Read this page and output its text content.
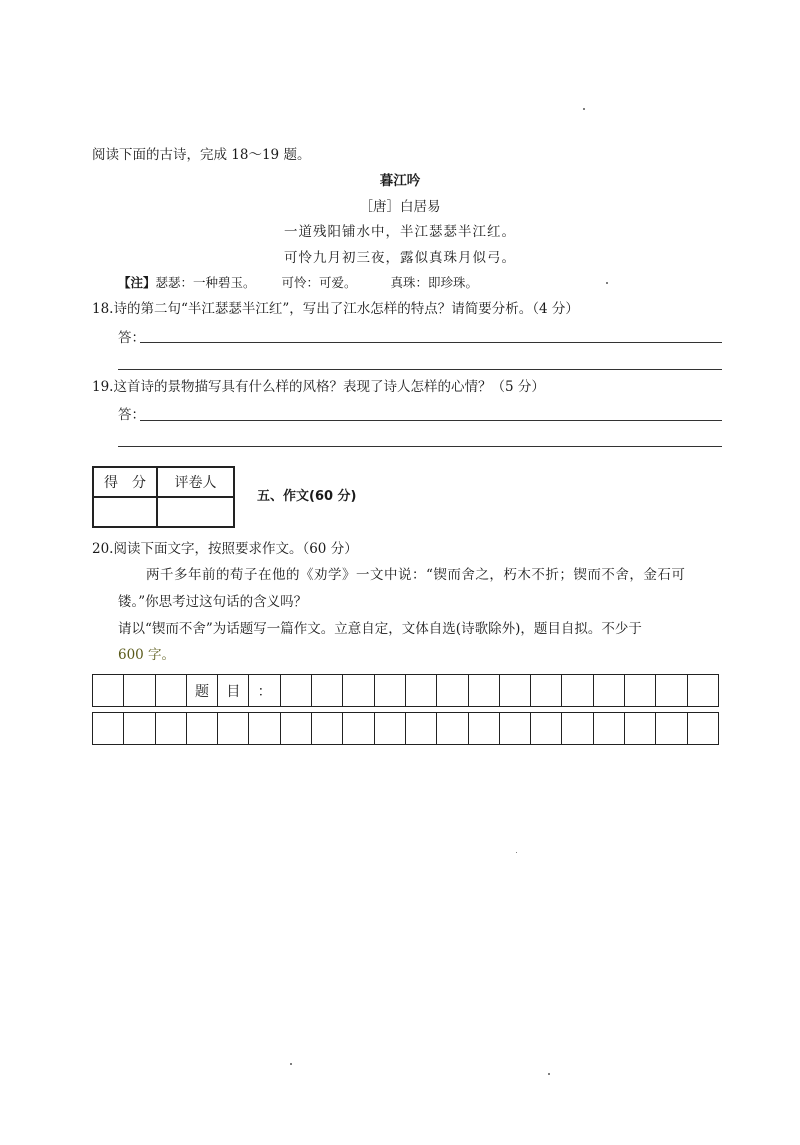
阅读下面的古诗，完成 18～19 题。
暮江吟
［唐］白居易
一道残阳铺水中，半江瑟瑟半江红。
可怜九月初三夜，露似真珠月似弓。
【注】瑟瑟：一种碧玉。 可怜：可爱。	真珠：即珍珠。
18.诗的第二句“半江瑟瑟半江红”，写出了江水怎样的特点？请简要分析。（4 分）
答：
19.这首诗的景物描写具有什么样的风格？表现了诗人怎样的心情？（5 分）
答：
得　分	评卷人

五、作文(60 分)
20.阅读下面文字，按照要求作文。（60 分）
两千多年前的荀子在他的《劝学》一文中说：“锲而舍之，朽木不折；锲而不舍，金石可
镂。”你思考过这句话的含义吗？
请以“锲而不舍”为话题写一篇作文。立意自定，文体自选(诗歌除外)，题目自拟。不少于
600 字。
题	目	：
